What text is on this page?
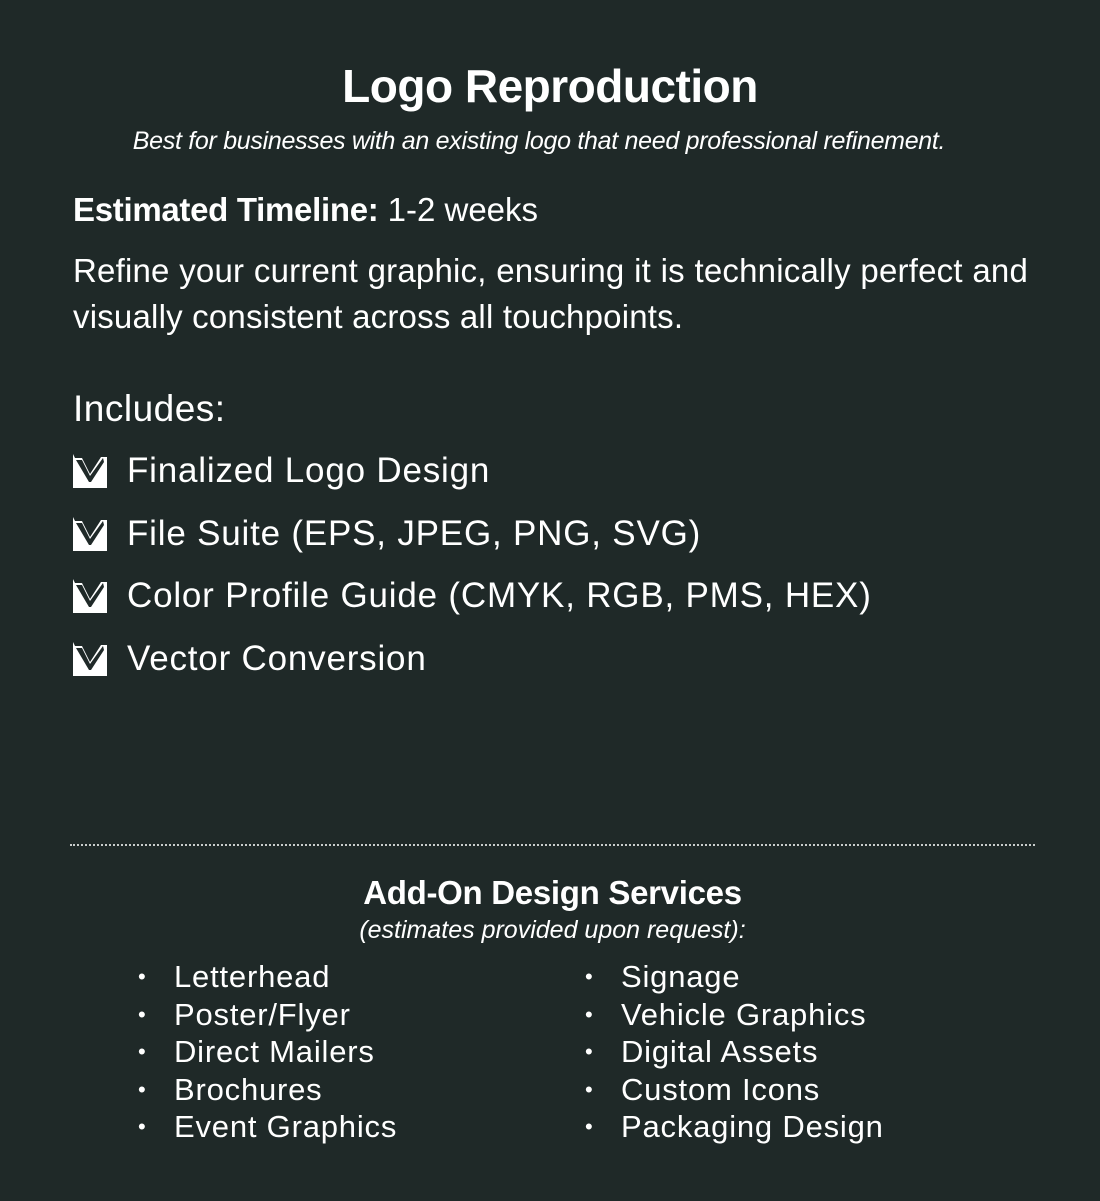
Logo Reproduction
Best for businesses with an existing logo that need professional refinement.
Estimated Timeline: 1-2 weeks
Refine your current graphic, ensuring it is technically perfect and visually consistent across all touchpoints.
Includes:
Finalized Logo Design
File Suite (EPS, JPEG, PNG, SVG)
Color Profile Guide (CMYK, RGB, PMS, HEX)
Vector Conversion
Add-On Design Services
(estimates provided upon request):
• Letterhead
• Poster/Flyer
• Direct Mailers
• Brochures
• Event Graphics
• Signage
• Vehicle Graphics
• Digital Assets
• Custom Icons
• Packaging Design
